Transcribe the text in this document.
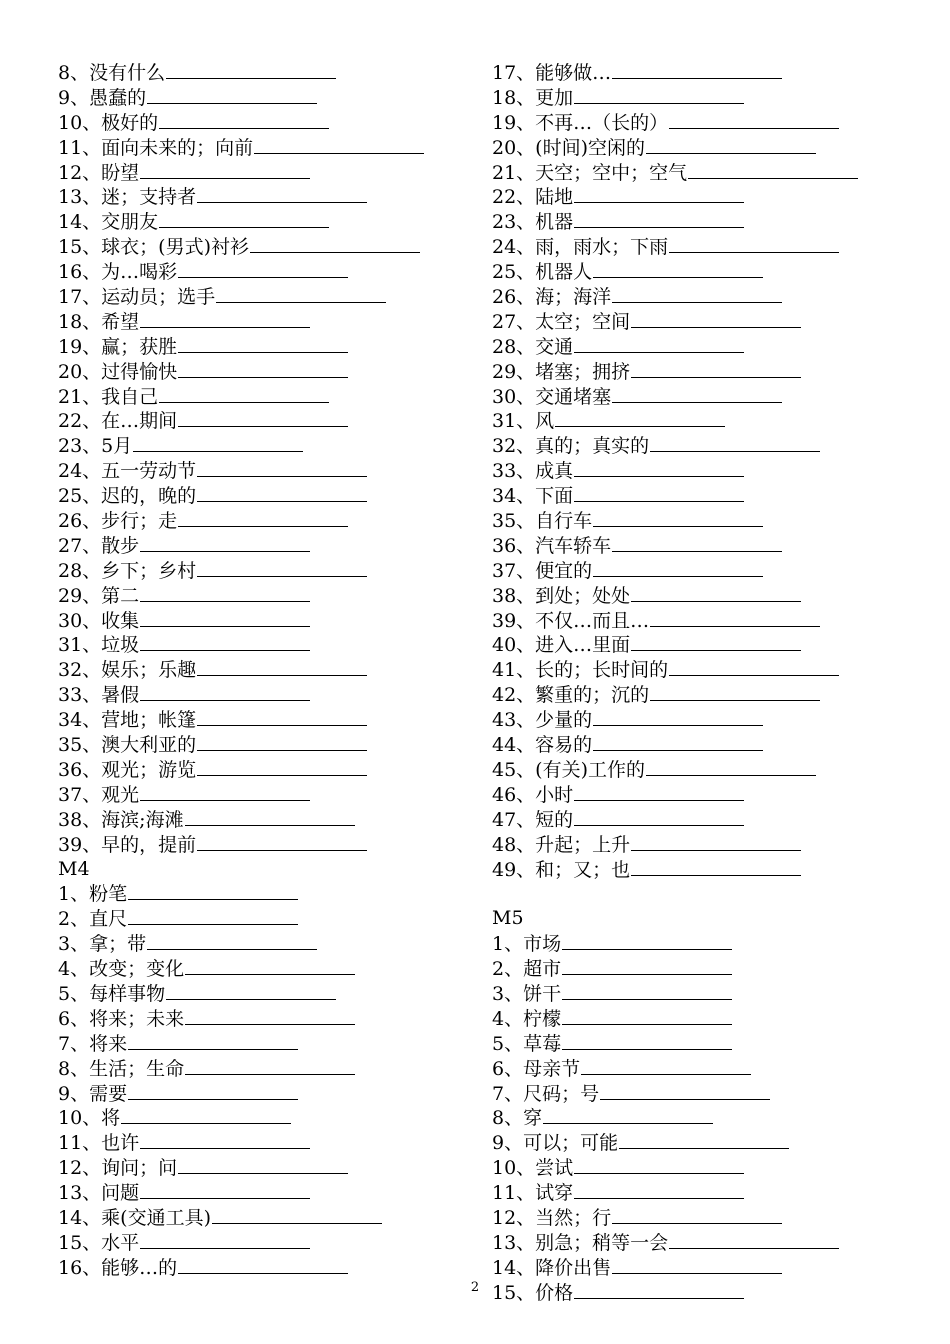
8、没有什么
9、愚蠢的
10、极好的
11、面向未来的；向前
12、盼望
13、迷；支持者
14、交朋友
15、球衣；(男式)衬衫
16、为…喝彩
17、运动员；选手
18、希望
19、赢；获胜
20、过得愉快
21、我自己
22、在…期间
23、5月
24、五一劳动节
25、迟的，晚的
26、步行；走
27、散步
28、乡下；乡村
29、第二
30、收集
31、垃圾
32、娱乐；乐趣
33、暑假
34、营地；帐篷
35、澳大利亚的
36、观光；游览
37、观光
38、海滨;海滩
39、早的，提前
M4
1、粉笔
2、直尺
3、拿；带
4、改变；变化
5、每样事物
6、将来；未来
7、将来
8、生活；生命
9、需要
10、将
11、也许
12、询问；问
13、问题
14、乘(交通工具)
15、水平
16、能够…的
17、能够做…
18、更加
19、不再…（长的）
20、(时间)空闲的
21、天空；空中；空气
22、陆地
23、机器
24、雨，雨水；下雨
25、机器人
26、海；海洋
27、太空；空间
28、交通
29、堵塞；拥挤
30、交通堵塞
31、风
32、真的；真实的
33、成真
34、下面
35、自行车
36、汽车轿车
37、便宜的
38、到处；处处
39、不仅…而且…
40、进入…里面
41、长的；长时间的
42、繁重的；沉的
43、少量的
44、容易的
45、(有关)工作的
46、小时
47、短的
48、升起；上升
49、和；又；也
M5
1、市场
2、超市
3、饼干
4、柠檬
5、草莓
6、母亲节
7、尺码；号
8、穿
9、可以；可能
10、尝试
11、试穿
12、当然；行
13、别急；稍等一会
14、降价出售
15、价格
2
